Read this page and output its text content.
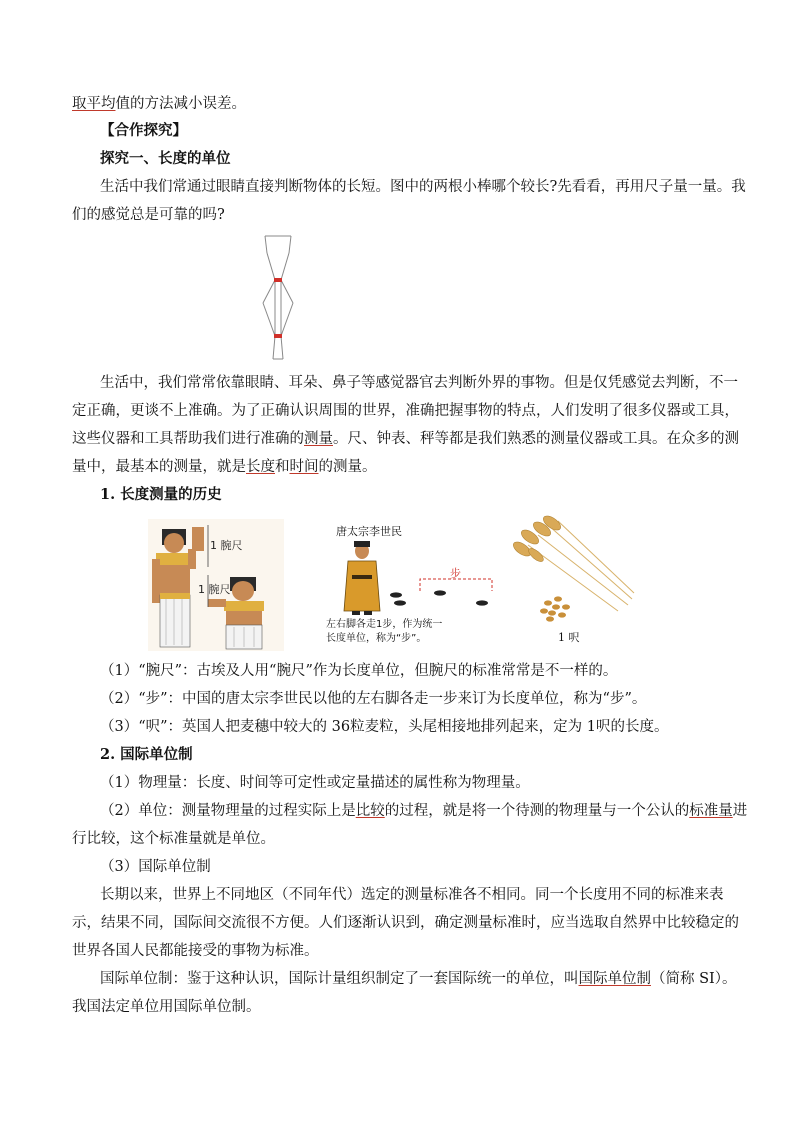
取平均值的方法减小误差。
【合作探究】
探究一、长度的单位
生活中我们常通过眼睛直接判断物体的长短。图中的两根小棒哪个较长?先看看，再用尺子量一量。我
们的感觉总是可靠的吗?
生活中，我们常常依靠眼睛、耳朵、鼻子等感觉器官去判断外界的事物。但是仅凭感觉去判断，不一
定正确，更谈不上准确。为了正确认识周围的世界，准确把握事物的特点，人们发明了很多仪器或工具，
这些仪器和工具帮助我们进行准确的测量。尺、钟表、秤等都是我们熟悉的测量仪器或工具。在众多的测
量中，最基本的测量，就是长度和时间的测量。
1. 长度测量的历史
1 腕尺
1 腕尺
唐太宗李世民
步
左右脚各走1步，作为统一
长度单位，称为“步”。	1 呎
（1）“腕尺”：古埃及人用“腕尺”作为长度单位，但腕尺的标准常常是不一样的。
（2）“步”：中国的唐太宗李世民以他的左右脚各走一步来订为长度单位，称为“步”。
（3）“呎”：英国人把麦穗中较大的 36粒麦粒，头尾相接地排列起来，定为 1呎的长度。
2. 国际单位制
（1）物理量：长度、时间等可定性或定量描述的属性称为物理量。
（2）单位：测量物理量的过程实际上是比较的过程，就是将一个待测的物理量与一个公认的标准量进
行比较，这个标准量就是单位。
（3）国际单位制
长期以来，世界上不同地区（不同年代）选定的测量标准各不相同。同一个长度用不同的标准来表
示，结果不同，国际间交流很不方便。人们逐渐认识到，确定测量标准时，应当选取自然界中比较稳定的
世界各国人民都能接受的事物为标准。
国际单位制：鉴于这种认识，国际计量组织制定了一套国际统一的单位，叫国际单位制（简称 SI）。
我国法定单位用国际单位制。
